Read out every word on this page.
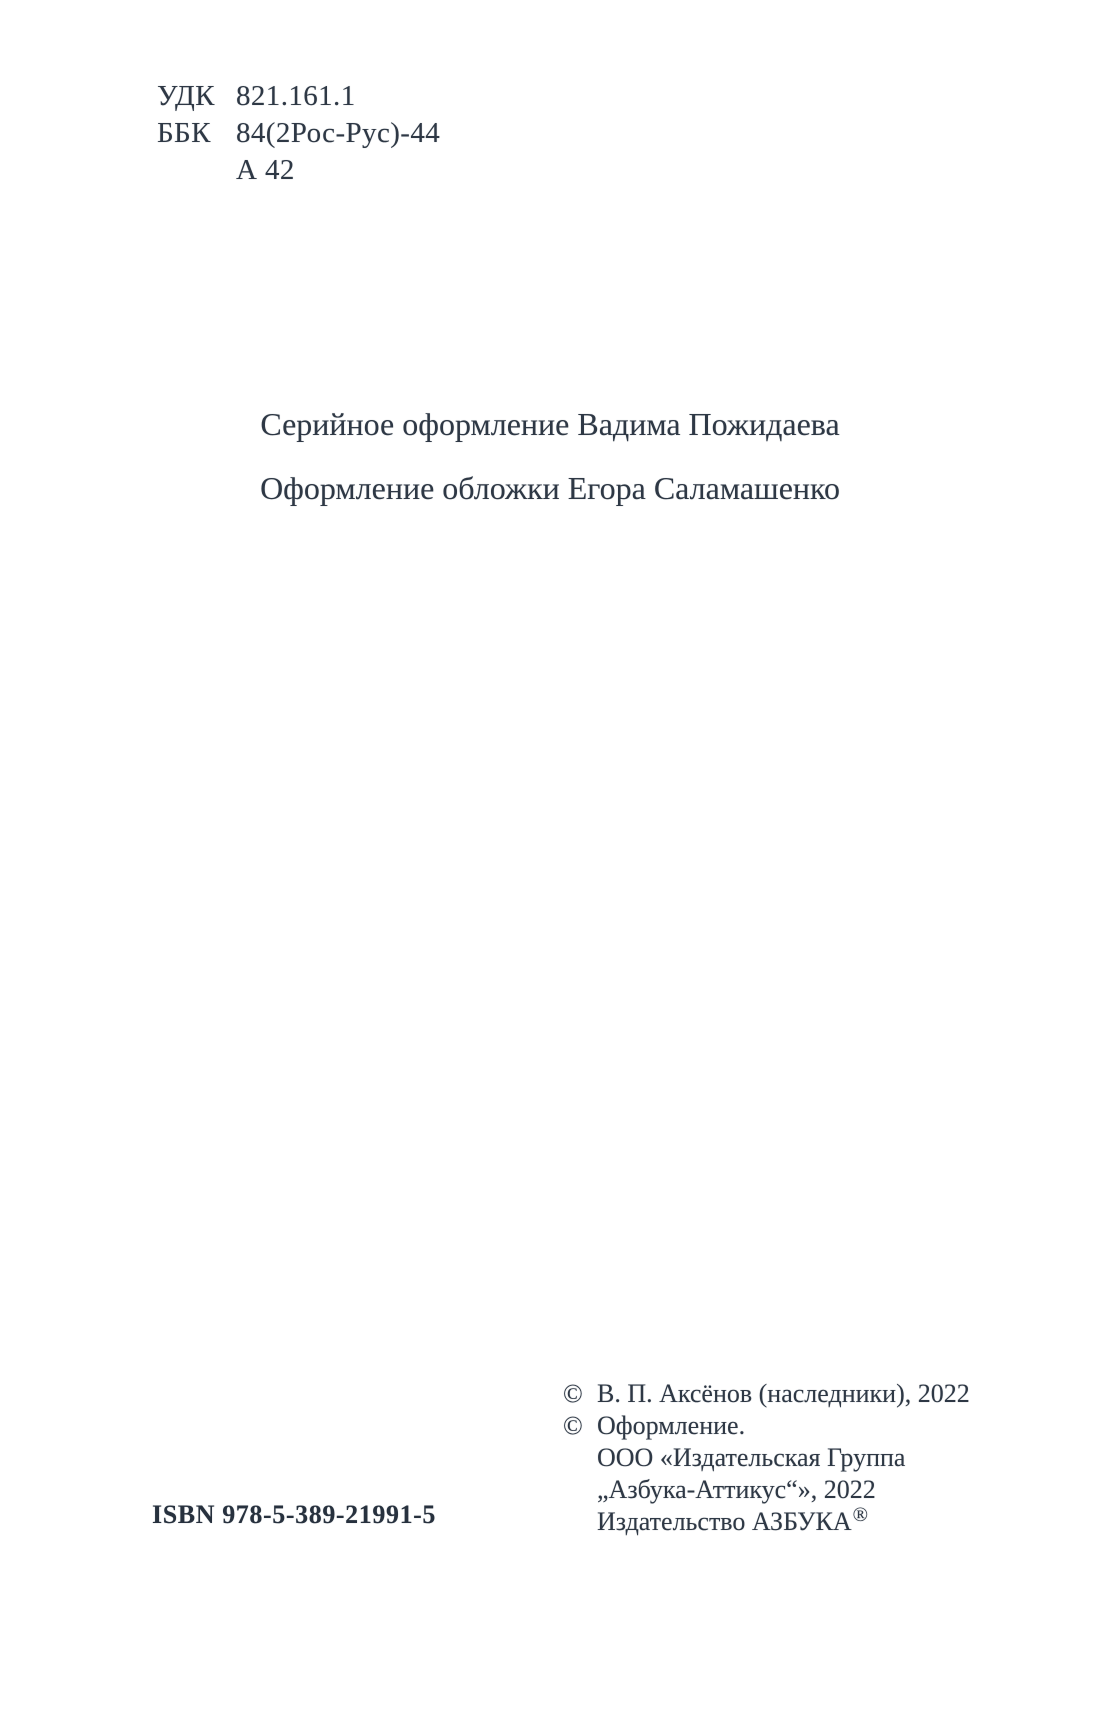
УДК 821.161.1
ББК 84(2Рос-Рус)-44
А 42
Серийное оформление Вадима Пожидаева
Оформление обложки Егора Саламашенко
© В. П. Аксёнов (наследники), 2022
© Оформление.
ООО «Издательская Группа
„Азбука-Аттикус“», 2022
Издательство АЗБУКА®
ISBN 978-5-389-21991-5
